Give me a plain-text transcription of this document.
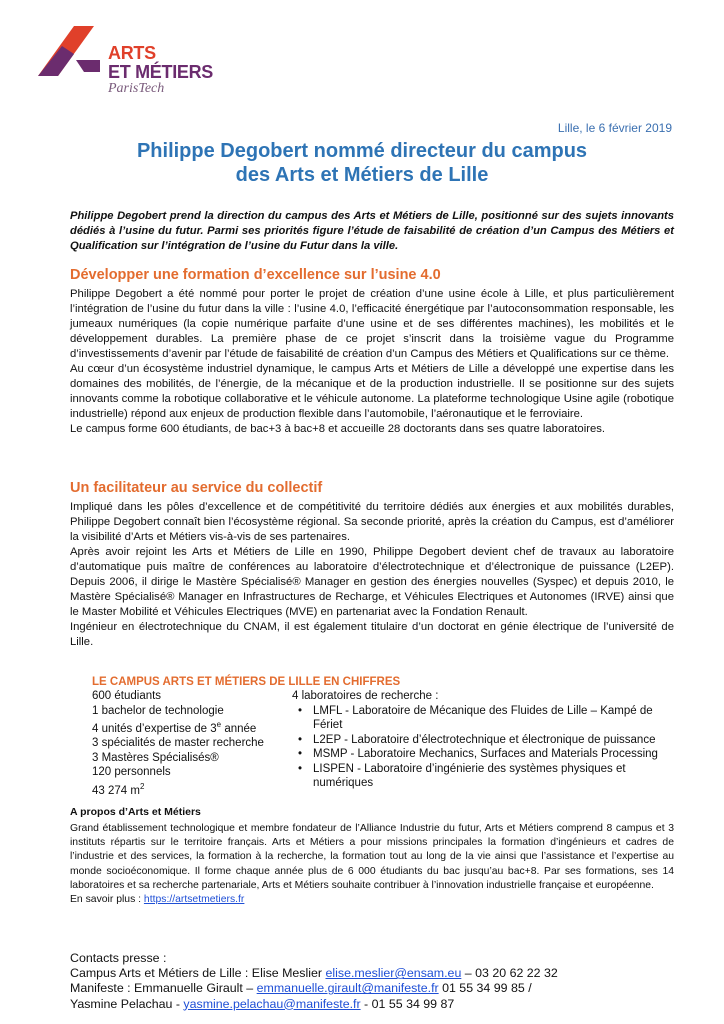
ARTS
ET MÉTIERS
ParisTech
Lille, le 6 février 2019
Philippe Degobert nommé directeur du campus
des Arts et Métiers de Lille
Philippe Degobert prend la direction du campus des Arts et Métiers de Lille, positionné sur des sujets innovants dédiés à l’usine du futur. Parmi ses priorités figure l’étude de faisabilité de création d’un Campus des Métiers et Qualification sur l’intégration de l’usine du Futur dans la ville.
Développer une formation d’excellence sur l’usine 4.0

Philippe Degobert a été nommé pour porter le projet de création d’une usine école à Lille, et plus particulièrement l’intégration de l’usine du futur dans la ville : l’usine 4.0, l’efficacité énergétique par l’autoconsommation responsable, les jumeaux numériques (la copie numérique parfaite d’une usine et de ses différentes machines), les mobilités et le développement durables. La première phase de ce projet s’inscrit dans la troisième vague du Programme d’investissements d’avenir par l’étude de faisabilité de création d’un Campus des Métiers et Qualifications sur ce thème.

Au cœur d’un écosystème industriel dynamique, le campus Arts et Métiers de Lille a développé une expertise dans les domaines des mobilités, de l’énergie, de la mécanique et de la production industrielle. Il se positionne sur des sujets innovants comme la robotique collaborative et le véhicule autonome. La plateforme technologique Usine agile (robotique industrielle) répond aux enjeux de production flexible dans l’automobile, l’aéronautique et le ferroviaire.

Le campus forme 600 étudiants, de bac+3 à bac+8 et accueille 28 doctorants dans ses quatre laboratoires.

Un facilitateur au service du collectif

Impliqué dans les pôles d’excellence et de compétitivité du territoire dédiés aux énergies et aux mobilités durables, Philippe Degobert connaît bien l’écosystème régional. Sa seconde priorité, après la création du Campus, est d’améliorer la visibilité d’Arts et Métiers vis-à-vis de ses partenaires.

Après avoir rejoint les Arts et Métiers de Lille en 1990, Philippe Degobert devient chef de travaux au laboratoire d’automatique puis maître de conférences au laboratoire d’électrotechnique et d’électronique de puissance (L2EP). Depuis 2006, il dirige le Mastère Spécialisé® Manager en gestion des énergies nouvelles (Syspec) et depuis 2010, le Mastère Spécialisé® Manager en Infrastructures de Recharge, et Véhicules Electriques et Autonomes (IRVE) ainsi que le Master Mobilité et Véhicules Electriques (MVE) en partenariat avec la Fondation Renault.

Ingénieur en électrotechnique du CNAM, il est également titulaire d’un doctorat en génie électrique de l’université de Lille.

LE CAMPUS ARTS ET MÉTIERS DE LILLE EN CHIFFRES
600 étudiants
1 bachelor de technologie
4 unités d’expertise de 3e année
3 spécialités de master recherche
3 Mastères Spécialisés®
120 personnels
43 274 $m^2$
4 laboratoires de recherche :
• LMFL - Laboratoire de Mécanique des Fluides de Lille – Kampé de Fériet
• L2EP - Laboratoire d’électrotechnique et électronique de puissance
• MSMP - Laboratoire Mechanics, Surfaces and Materials Processing
• LISPEN - Laboratoire d’ingénierie des systèmes physiques et numériques
A propos d’Arts et Métiers
Grand établissement technologique et membre fondateur de l’Alliance Industrie du futur, Arts et Métiers comprend 8 campus et 3 instituts répartis sur le territoire français. Arts et Métiers a pour missions principales la formation d’ingénieurs et cadres de l’industrie et des services, la formation à la recherche, la formation tout au long de la vie ainsi que l’assistance et l’expertise au monde socioéconomique. Il forme chaque année plus de 6 000 étudiants du bac jusqu’au bac+8. Par ses formations, ses 14 laboratoires et sa recherche partenariale, Arts et Métiers souhaite contribuer à l’innovation industrielle française et européenne.
En savoir plus : https://artsetmetiers.fr
Contacts presse :
Campus Arts et Métiers de Lille : Elise Meslier elise.meslier@ensam.eu – 03 20 62 22 32
Manifeste : Emmanuelle Girault – emmanuelle.girault@manifeste.fr 01 55 34 99 85 /
Yasmine Pelachau - yasmine.pelachau@manifeste.fr - 01 55 34 99 87
